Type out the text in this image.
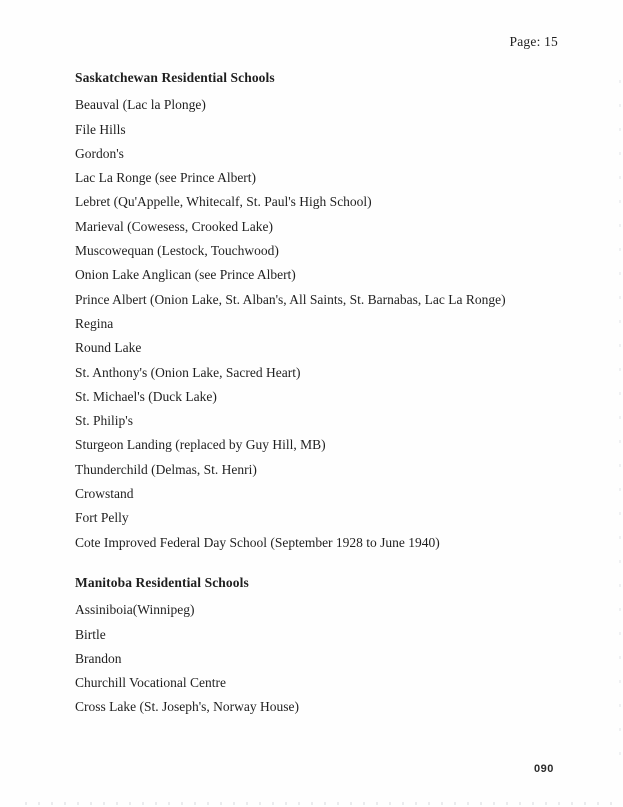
Page: 15
Saskatchewan Residential Schools
Beauval (Lac la Plonge)
File Hills
Gordon's
Lac La Ronge (see Prince Albert)
Lebret (Qu'Appelle, Whitecalf, St. Paul's High School)
Marieval (Cowesess, Crooked Lake)
Muscowequan (Lestock, Touchwood)
Onion Lake Anglican (see Prince Albert)
Prince Albert (Onion Lake, St. Alban's, All Saints, St. Barnabas, Lac La Ronge)
Regina
Round Lake
St. Anthony's (Onion Lake, Sacred Heart)
St. Michael's (Duck Lake)
St. Philip's
Sturgeon Landing (replaced by Guy Hill, MB)
Thunderchild (Delmas, St. Henri)
Crowstand
Fort Pelly
Cote Improved Federal Day School (September 1928 to June 1940)
Manitoba Residential Schools
Assiniboia(Winnipeg)
Birtle
Brandon
Churchill Vocational Centre
Cross Lake (St. Joseph's, Norway House)
090
